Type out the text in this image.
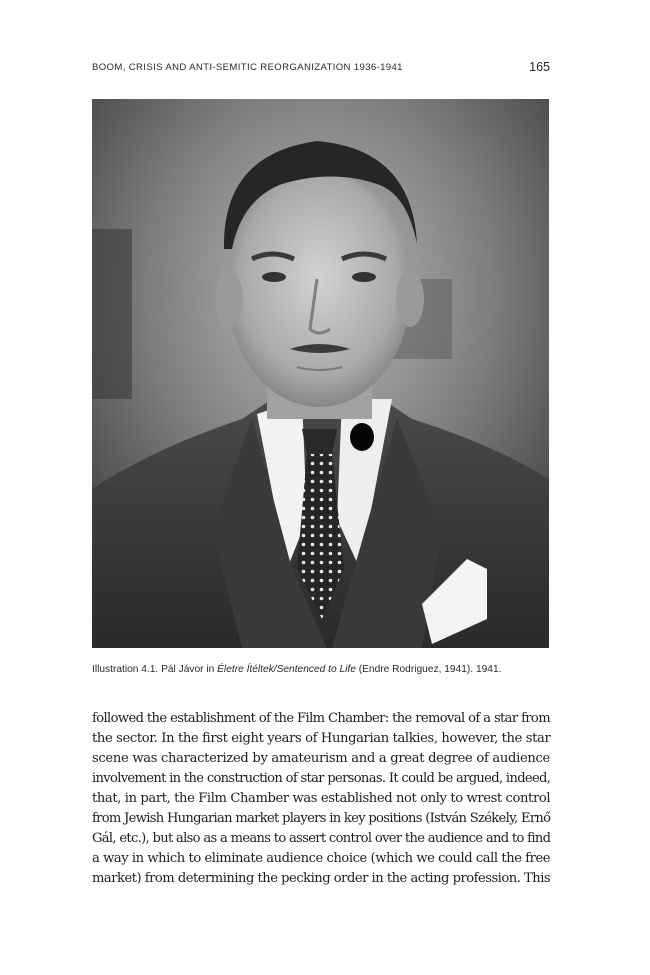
BOOM, CRISIS AND ANTI-SEMITIC REORGANIZATION 1936-1941	165
Illustration 4.1. Pál Jávor in Életre Ítéltek/Sentenced to Life (Endre Rodriguez, 1941). 1941.
followed the establishment of the Film Chamber: the removal of a star from
the sector. In the first eight years of Hungarian talkies, however, the star
scene was characterized by amateurism and a great degree of audience
involvement in the construction of star personas. It could be argued, indeed,
that, in part, the Film Chamber was established not only to wrest control
from Jewish Hungarian market players in key positions (István Székely, Ernő
Gál, etc.), but also as a means to assert control over the audience and to find
a way in which to eliminate audience choice (which we could call the free
market) from determining the pecking order in the acting profession. This
